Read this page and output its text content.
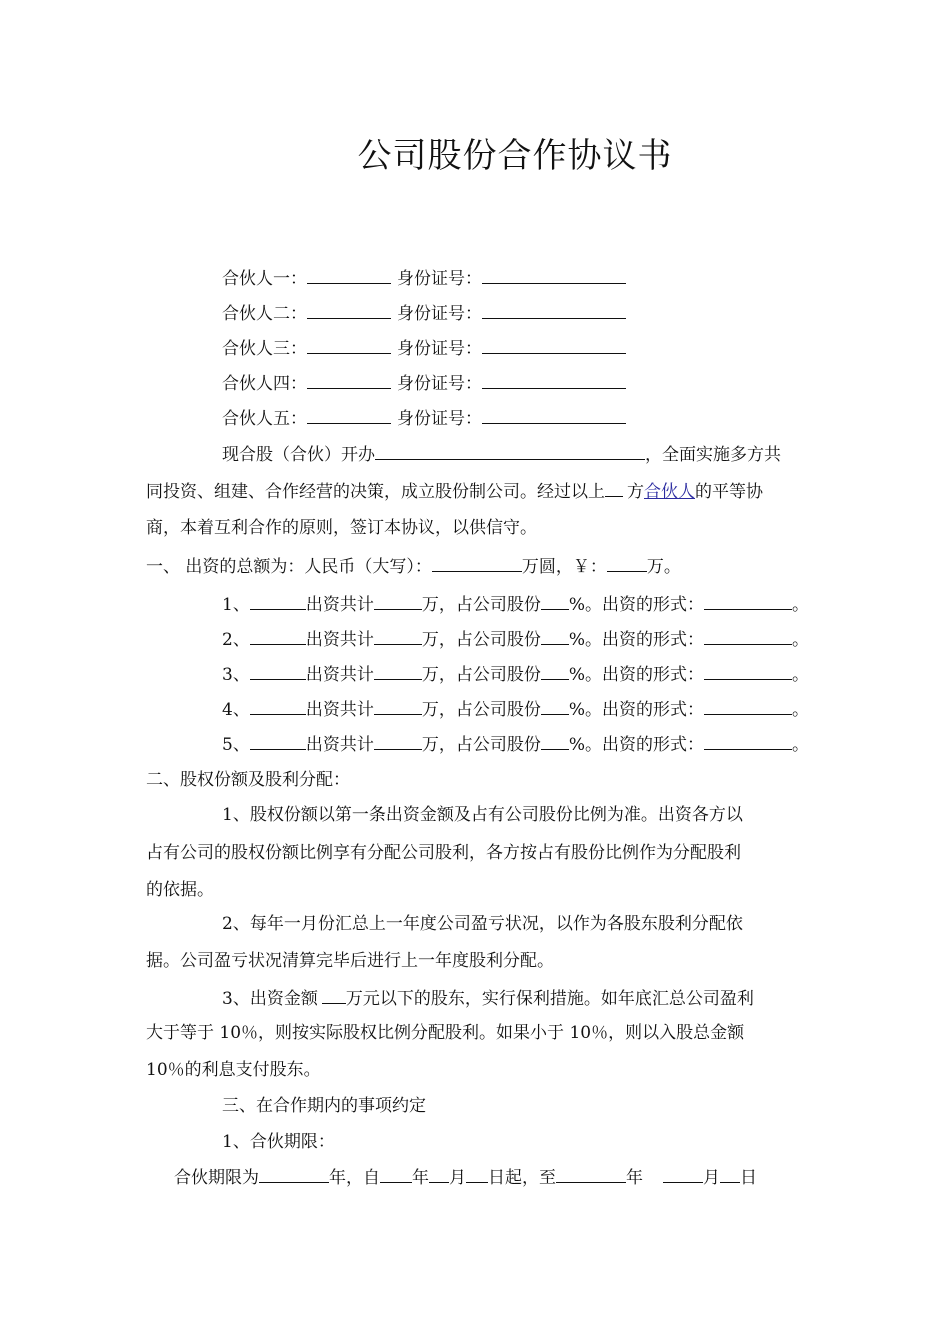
公司股份合作协议书
合伙人一：	身份证号：
合伙人二：	身份证号：
合伙人三：	身份证号：
合伙人四：	身份证号：
合伙人五：	身份证号：
现合股（合伙）开办	，全面实施多方共
同投资、组建、合作经营的决策，成立股份制公司。经过以上 方合伙人的平等协
商，本着互利合作的原则，签订本协议，以供信守。
一、 出资的总额为：人民币（大写）：	万圆，￥： 万。
1、	出资共计	万，占公司股份 %。出资的形式：	。
2、	出资共计	万，占公司股份 %。出资的形式：	。
3、	出资共计	万，占公司股份 %。出资的形式：	。
4、	出资共计	万，占公司股份 %。出资的形式：	。
5、	出资共计	万，占公司股份 %。出资的形式：	。
二、股权份额及股利分配：
1、股权份额以第一条出资金额及占有公司股份比例为准。出资各方以
占有公司的股权份额比例享有分配公司股利，各方按占有股份比例作为分配股利
的依据。
2、每年一月份汇总上一年度公司盈亏状况，以作为各股东股利分配依
据。公司盈亏状况清算完毕后进行上一年度股利分配。
3、出资金额 万元以下的股东，实行保利措施。如年底汇总公司盈利
大于等于 10％，则按实际股权比例分配股利。如果小于 10％，则以入股总金额
10％的利息支付股东。
三、在合作期内的事项约定
1、合伙期限：
合伙期限为	年，自 年 月 日起，至	年	月 日
